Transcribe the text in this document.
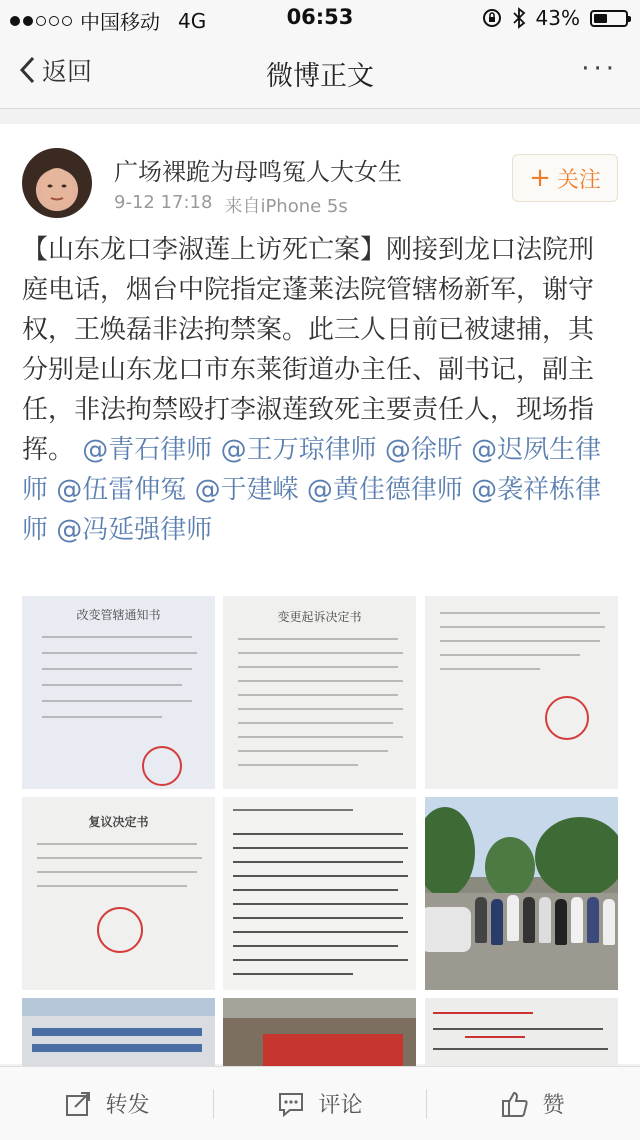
中国移动 4G	06:53	43%
返回	微博正文	···
广场裸跪为母鸣冤人大女生
9-12 17:18 来自iPhone 5s
+ 关注
【山东龙口李淑莲上访死亡案】刚接到龙口法院刑庭电话，烟台中院指定蓬莱法院管辖杨新军，谢守权，王焕磊非法拘禁案。此三人日前已被逮捕，其分别是山东龙口市东莱街道办主任、副书记，副主任，非法拘禁殴打李淑莲致死主要责任人，现场指挥。 @青石律师 @王万琼律师 @徐昕 @迟夙生律师 @伍雷伸冤 @于建嵘 @黄佳德律师 @袭祥栋律师 @冯延强律师
改变管辖通知书	变更起诉决定书
复议决定书
转发	评论	赞
